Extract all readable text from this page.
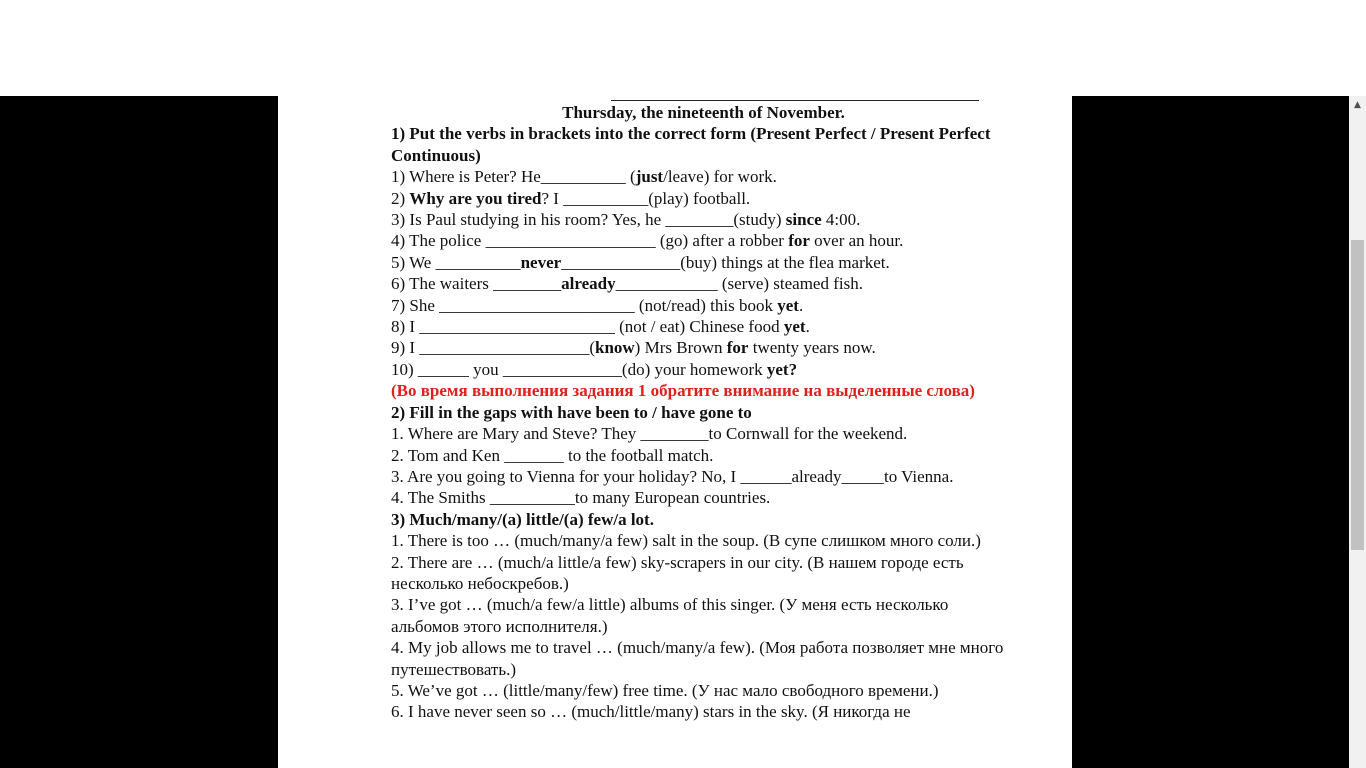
Thursday, the nineteenth of November.
1) Put the verbs in brackets into the correct form (Present Perfect / Present Perfect Continuous)
1) Where is Peter? He__________ (just/leave) for work.
2) Why are you tired? I __________(play) football.
3) Is Paul studying in his room? Yes, he ________(study) since 4:00.
4) The police ____________________ (go) after a robber for over an hour.
5) We __________never______________(buy) things at the flea market.
6) The waiters ________already____________ (serve) steamed fish.
7) She _______________________ (not/read) this book yet.
8) I _______________________ (not / eat) Chinese food yet.
9) I ____________________(know) Mrs Brown for twenty years now.
10) ______ you ______________(do) your homework yet?
(Во время выполнения задания 1 обратите внимание на выделенные слова)
2) Fill in the gaps with have been to / have gone to
1. Where are Mary and Steve? They ________to Cornwall for the weekend.
2. Tom and Ken _______ to the football match.
3. Are you going to Vienna for your holiday? No, I ______already_____to Vienna.
4. The Smiths __________to many European countries.
3) Much/many/(a) little/(a) few/a lot.
1. There is too … (much/many/a few) salt in the soup. (В супе слишком много соли.)
2. There are … (much/a little/a few) sky-scrapers in our city. (В нашем городе есть несколько небоскребов.)
3. I’ve got … (much/a few/a little) albums of this singer. (У меня есть несколько альбомов этого исполнителя.)
4. My job allows me to travel … (much/many/a few). (Моя работа позволяет мне много путешествовать.)
5. We’ve got … (little/many/few) free time. (У нас мало свободного времени.)
6. I have never seen so … (much/little/many) stars in the sky. (Я никогда не
▲
